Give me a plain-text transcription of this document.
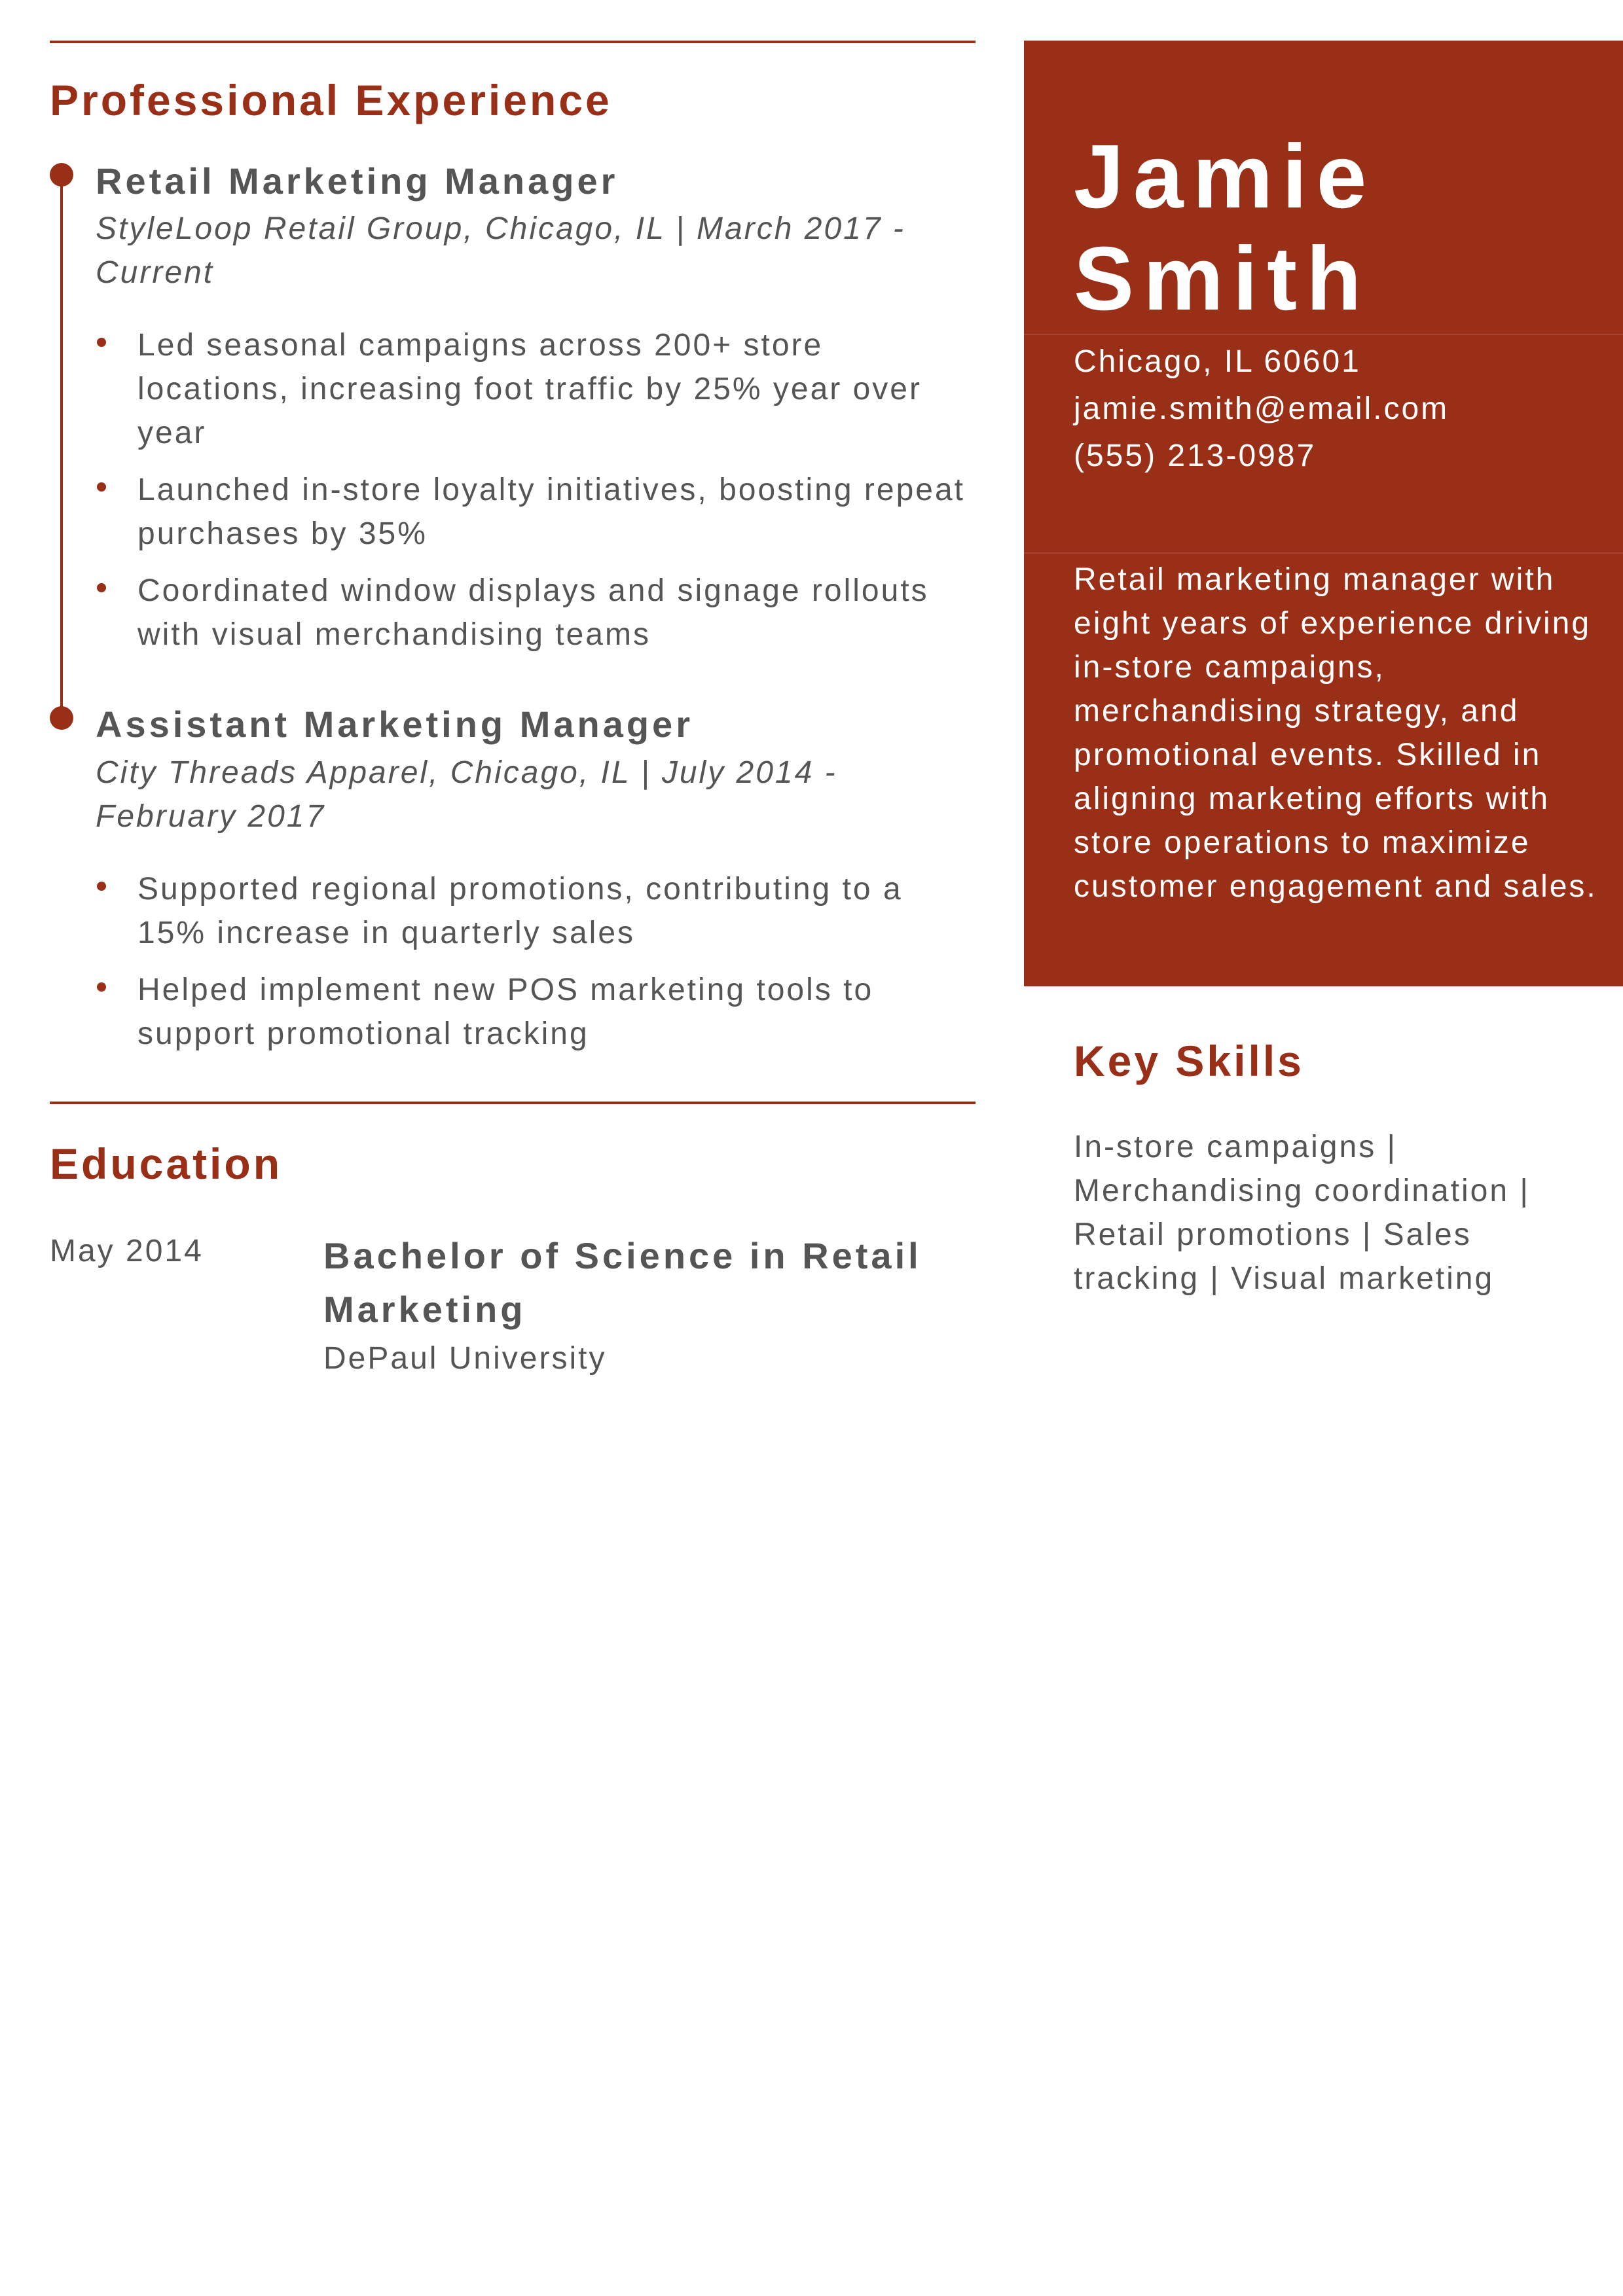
Professional Experience
Retail Marketing Manager
StyleLoop Retail Group, Chicago, IL | March 2017 - Current
Led seasonal campaigns across 200+ store locations, increasing foot traffic by 25% year over year
Launched in-store loyalty initiatives, boosting repeat purchases by 35%
Coordinated window displays and signage rollouts with visual merchandising teams
Assistant Marketing Manager
City Threads Apparel, Chicago, IL | July 2014 - February 2017
Supported regional promotions, contributing to a 15% increase in quarterly sales
Helped implement new POS marketing tools to support promotional tracking
Education
May 2014	Bachelor of Science in Retail Marketing
DePaul University
Jamie
Smith
Chicago, IL 60601
jamie.smith@email.com
(555) 213-0987
Retail marketing manager with eight years of experience driving in-store campaigns, merchandising strategy, and promotional events. Skilled in aligning marketing efforts with store operations to maximize customer engagement and sales.
Key Skills
In-store campaigns | Merchandising coordination | Retail promotions | Sales tracking | Visual marketing
